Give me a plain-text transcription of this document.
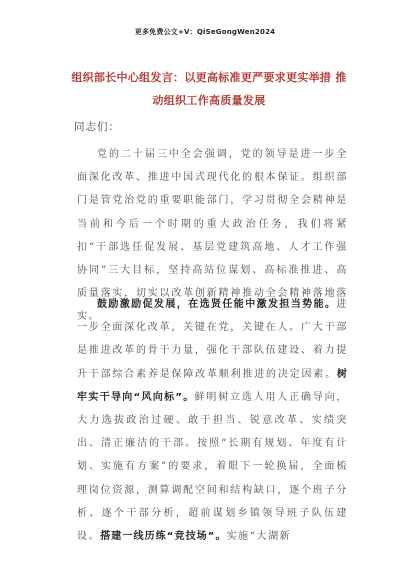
更多免费公文+V：QiSeGongWen2024
组织部长中心组发言：以更高标准更严要求更实举措 推动组织工作高质量发展
同志们：
党的二十届三中全会强调，党的领导是进一步全面深化改革、推进中国式现代化的根本保证。组织部门是管党治党的重要职能部门，学习贯彻全会精神是当前和今后一个时期的重大政治任务，我们将紧扣“干部选任促发展、基层党建筑高地、人才工作强协同”三大目标，坚持高站位谋划、高标准推进、高质量落实，切实以改革创新精神推动全会精神落地落实。
鼓励激励促发展，在选贤任能中激发担当势能。进一步全面深化改革，关键在党，关键在人。广大干部是推进改革的骨干力量，强化干部队伍建设、着力提升干部综合素养是保障改革顺利推进的决定因素。树牢实干导向“风向标”。鲜明树立选人用人正确导向，大力选拔政治过硬、敢于担当、锐意改革、实绩突出、清正廉洁的干部。按照“长期有规划、年度有计划、实施有方案”的要求，着眼下一轮换届，全面梳理岗位资源，测算调配空间和结构缺口，逐个班子分析、逐个干部分析，超前谋划乡镇领导班子队伍建设。搭建一线历练“竞技场”。实施“大湖新
